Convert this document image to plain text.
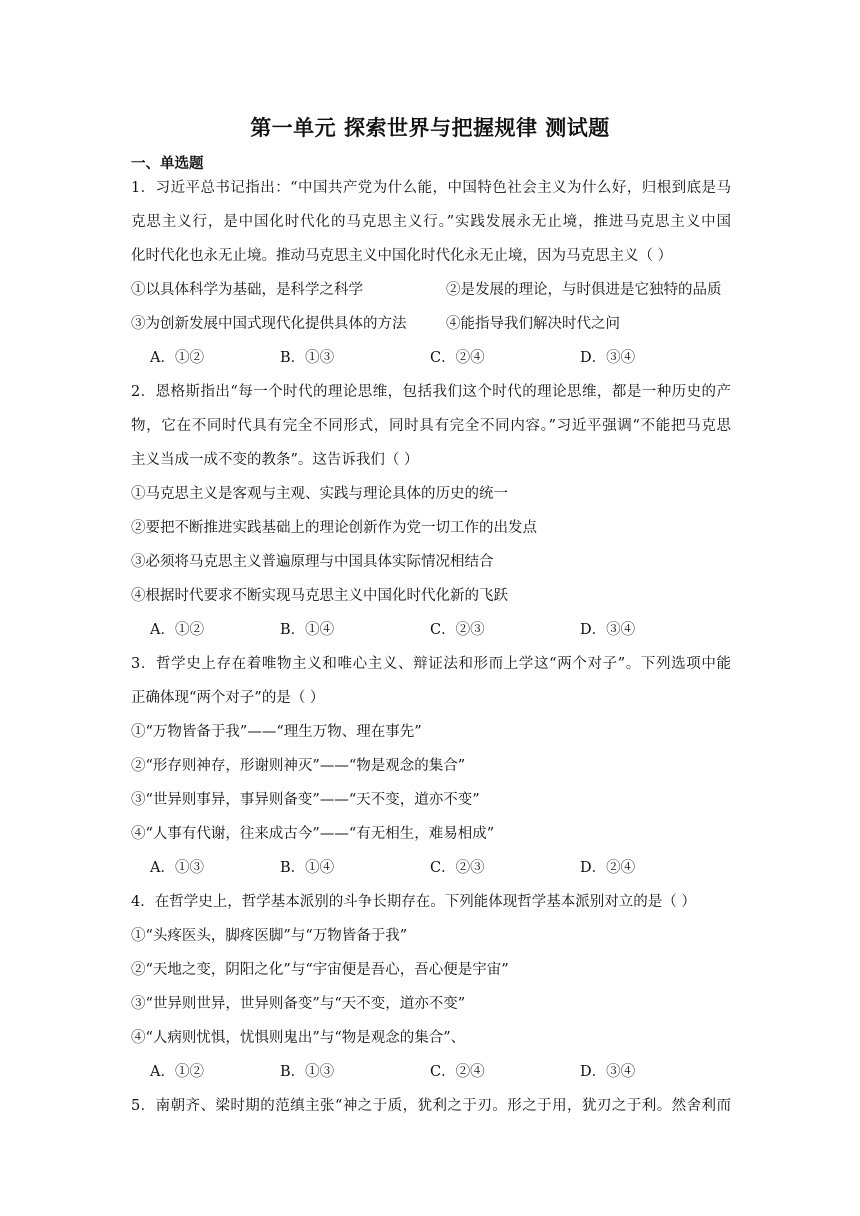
第一单元 探索世界与把握规律 测试题
一、单选题
1．习近平总书记指出：“中国共产党为什么能，中国特色社会主义为什么好，归根到底是马
克思主义行，是中国化时代化的马克思主义行。”实践发展永无止境，推进马克思主义中国
化时代化也永无止境。推动马克思主义中国化时代化永无止境，因为马克思主义（ ）
①以具体科学为基础，是科学之科学	②是发展的理论，与时俱进是它独特的品质
③为创新发展中国式现代化提供具体的方法	④能指导我们解决时代之问
A．①②	B．①③	C．②④	D．③④
2．恩格斯指出“每一个时代的理论思维，包括我们这个时代的理论思维，都是一种历史的产
物，它在不同时代具有完全不同形式，同时具有完全不同内容。”习近平强调“不能把马克思
主义当成一成不变的教条”。这告诉我们（ ）
①马克思主义是客观与主观、实践与理论具体的历史的统一
②要把不断推进实践基础上的理论创新作为党一切工作的出发点
③必须将马克思主义普遍原理与中国具体实际情况相结合
④根据时代要求不断实现马克思主义中国化时代化新的飞跃
A．①②	B．①④	C．②③	D．③④
3．哲学史上存在着唯物主义和唯心主义、辩证法和形而上学这“两个对子”。下列选项中能
正确体现“两个对子”的是（ ）
①“万物皆备于我”——“理生万物、理在事先”
②“形存则神存，形谢则神灭”——“物是观念的集合”
③“世异则事异，事异则备变”——“天不变，道亦不变”
④“人事有代谢，往来成古今”——“有无相生，难易相成”
A．①③	B．①④	C．②③	D．②④
4．在哲学史上，哲学基本派别的斗争长期存在。下列能体现哲学基本派别对立的是（ ）
①“头疼医头，脚疼医脚”与“万物皆备于我”
②“天地之变，阴阳之化”与“宇宙便是吾心，吾心便是宇宙”
③“世异则世异，世异则备变”与“天不变，道亦不变”
④“人病则忧惧，忧惧则鬼出”与“物是观念的集合”、
A．①②	B．①③	C．②④	D．③④
5．南朝齐、梁时期的范缜主张“神之于质，犹利之于刃。形之于用，犹刃之于利。然舍利而
